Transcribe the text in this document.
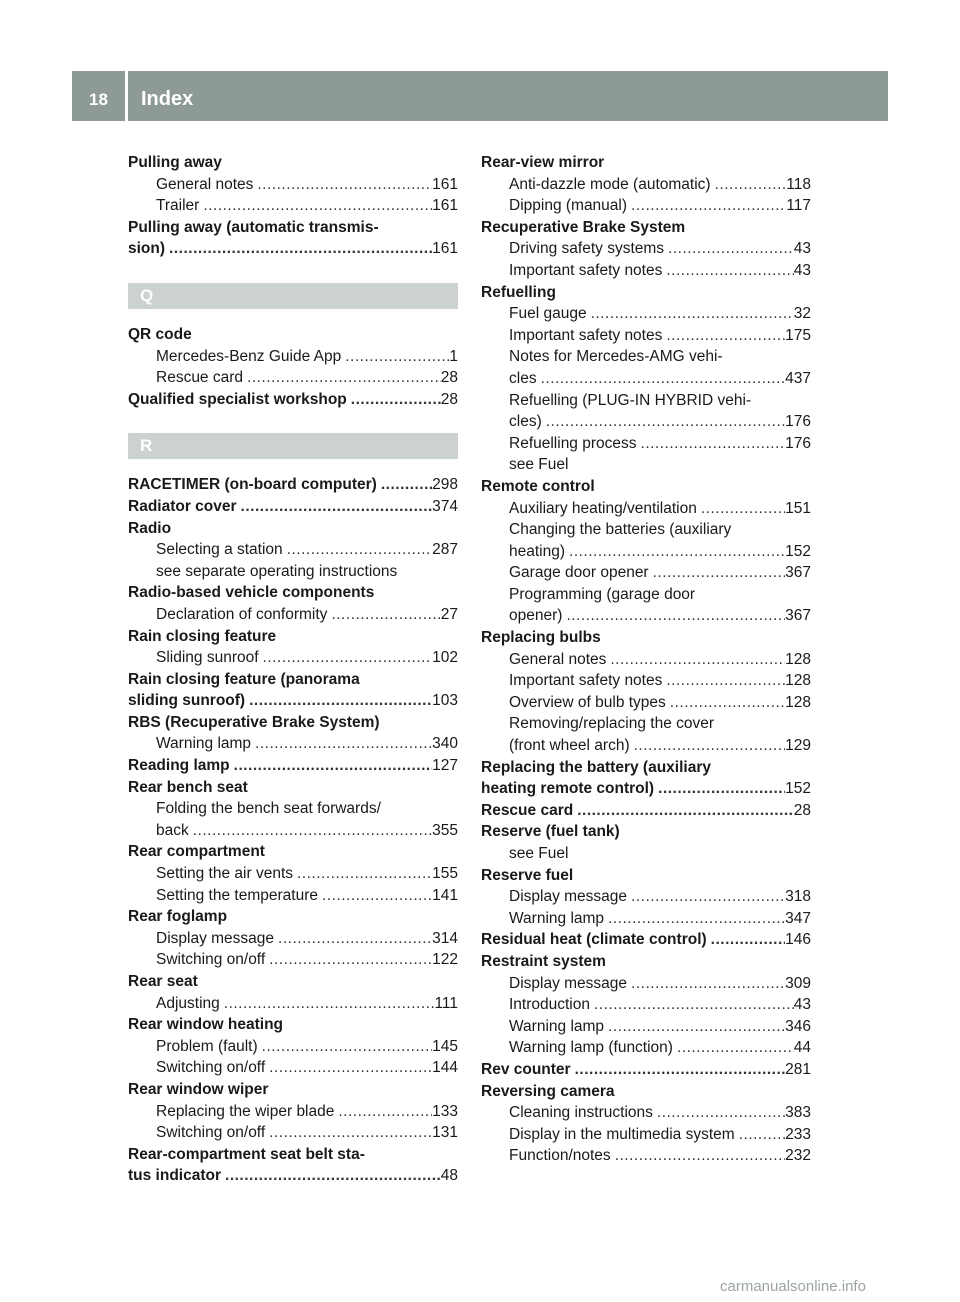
18	Index
Pulling away
General notes .....	161
Trailer .....	161
Pulling away (automatic transmis-
sion) .....	161
Q
QR code
Mercedes-Benz Guide App .....	1
Rescue card .....	28
Qualified specialist workshop .....	28
R
RACETIMER (on-board computer) .....	298
Radiator cover .....	374
Radio
Selecting a station .....	287
see separate operating instructions
Radio-based vehicle components
Declaration of conformity .....	27
Rain closing feature
Sliding sunroof .....	102
Rain closing feature (panorama
sliding sunroof) .....	103
RBS (Recuperative Brake System)
Warning lamp .....	340
Reading lamp .....	127
Rear bench seat
Folding the bench seat forwards/
back .....	355
Rear compartment
Setting the air vents .....	155
Setting the temperature .....	141
Rear foglamp
Display message .....	314
Switching on/off .....	122
Rear seat
Adjusting .....	111
Rear window heating
Problem (fault) .....	145
Switching on/off .....	144
Rear window wiper
Replacing the wiper blade .....	133
Switching on/off .....	131
Rear-compartment seat belt sta-
tus indicator .....	48
Rear-view mirror
Anti-dazzle mode (automatic) .....	118
Dipping (manual) .....	117
Recuperative Brake System
Driving safety systems .....	43
Important safety notes .....	43
Refuelling
Fuel gauge .....	32
Important safety notes .....	175
Notes for Mercedes-AMG vehi-
cles .....	437
Refuelling (PLUG-IN HYBRID vehi-
cles) .....	176
Refuelling process .....	176
see Fuel
Remote control
Auxiliary heating/ventilation .....	151
Changing the batteries (auxiliary
heating) .....	152
Garage door opener .....	367
Programming (garage door
opener) .....	367
Replacing bulbs
General notes .....	128
Important safety notes .....	128
Overview of bulb types .....	128
Removing/replacing the cover
(front wheel arch) .....	129
Replacing the battery (auxiliary
heating remote control) .....	152
Rescue card .....	28
Reserve (fuel tank)
see Fuel
Reserve fuel
Display message .....	318
Warning lamp .....	347
Residual heat (climate control) .....	146
Restraint system
Display message .....	309
Introduction .....	43
Warning lamp .....	346
Warning lamp (function) .....	44
Rev counter .....	281
Reversing camera
Cleaning instructions .....	383
Display in the multimedia system .....	233
Function/notes .....	232
carmanualsonline.info
